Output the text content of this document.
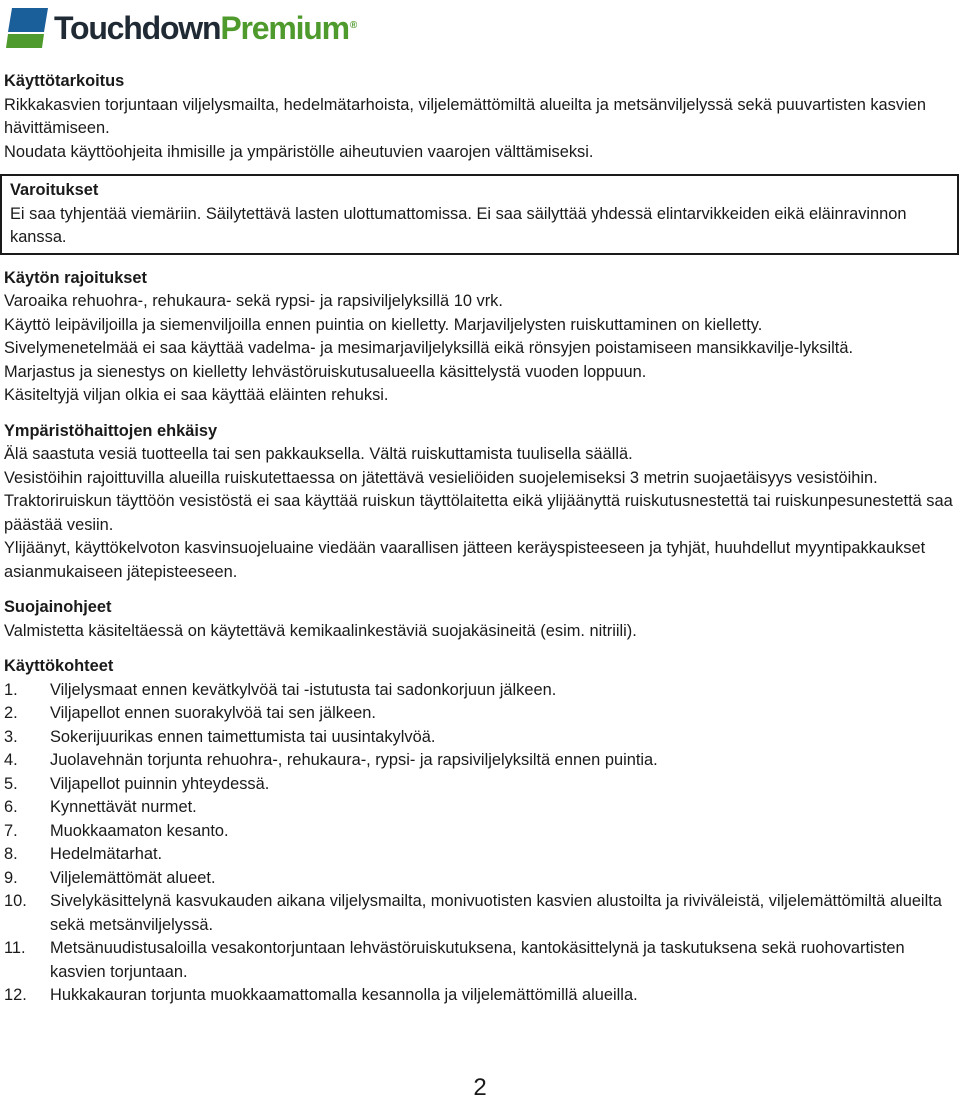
TouchdownPremium®

Käyttötarkoitus

Rikkakasvien torjuntaan viljelysmailta, hedelmätarhoista, viljelemättömiltä alueilta ja metsänviljelyssä sekä puuvartisten kasvien hävittämiseen.

Noudata käyttöohjeita ihmisille ja ympäristölle aiheutuvien vaarojen välttämiseksi.

Varoitukset

Ei saa tyhjentää viemäriin. Säilytettävä lasten ulottumattomissa. Ei saa säilyttää yhdessä elintarvikkeiden eikä eläinravinnon kanssa.

Käytön rajoitukset

Varoaika rehuohra-, rehukaura- sekä rypsi- ja rapsiviljelyksillä 10 vrk.

Käyttö leipäviljoilla ja siemenviljoilla ennen puintia on kielletty. Marjaviljelysten ruiskuttaminen on kielletty.

Sivelymenetelmää ei saa käyttää vadelma- ja mesimarjaviljelyksillä eikä rönsyjen poistamiseen mansikkavilje-lyksiltä.

Marjastus ja sienestys on kielletty lehvästöruiskutusalueella käsittelystä vuoden loppuun.

Käsiteltyjä viljan olkia ei saa käyttää eläinten rehuksi.

Ympäristöhaittojen ehkäisy

Älä saastuta vesiä tuotteella tai sen pakkauksella. Vältä ruiskuttamista tuulisella säällä.

Vesistöihin rajoittuvilla alueilla ruiskutettaessa on jätettävä vesieliöiden suojelemiseksi 3 metrin suojaetäisyys vesistöihin.

Traktoriruiskun täyttöön vesistöstä ei saa käyttää ruiskun täyttölaitetta eikä ylijäänyttä ruiskutusnestettä tai ruiskunpesunestettä saa päästää vesiin.

Ylijäänyt, käyttökelvoton kasvinsuojeluaine viedään vaarallisen jätteen keräyspisteeseen ja tyhjät, huuhdellut myyntipakkaukset asianmukaiseen jätepisteeseen.

Suojainohjeet

Valmistetta käsiteltäessä on käytettävä kemikaalinkestäviä suojakäsineitä (esim. nitriili).

Käyttökohteet

1.	Viljelysmaat ennen kevätkylvöä tai -istutusta tai sadonkorjuun jälkeen.
2.	Viljapellot ennen suorakylvöä tai sen jälkeen.
3.	Sokerijuurikas ennen taimettumista tai uusintakylvöä.
4.	Juolavehnän torjunta rehuohra-, rehukaura-, rypsi- ja rapsiviljelyksiltä ennen puintia.
5.	Viljapellot puinnin yhteydessä.
6.	Kynnettävät nurmet.
7.	Muokkaamaton kesanto.
8.	Hedelmätarhat.
9.	Viljelemättömät alueet.
10.	Sivelykäsittelynä kasvukauden aikana viljelysmailta, monivuotisten kasvien alustoilta ja riviväleistä, viljelemättömiltä alueilta sekä metsänviljelyssä.
11.	Metsänuudistusaloilla vesakontorjuntaan lehvästöruiskutuksena, kantokäsittelynä ja taskutuksena sekä ruohovartisten kasvien torjuntaan.
12.	Hukkakauran torjunta muokkaamattomalla kesannolla ja viljelemättömillä alueilla.
2
